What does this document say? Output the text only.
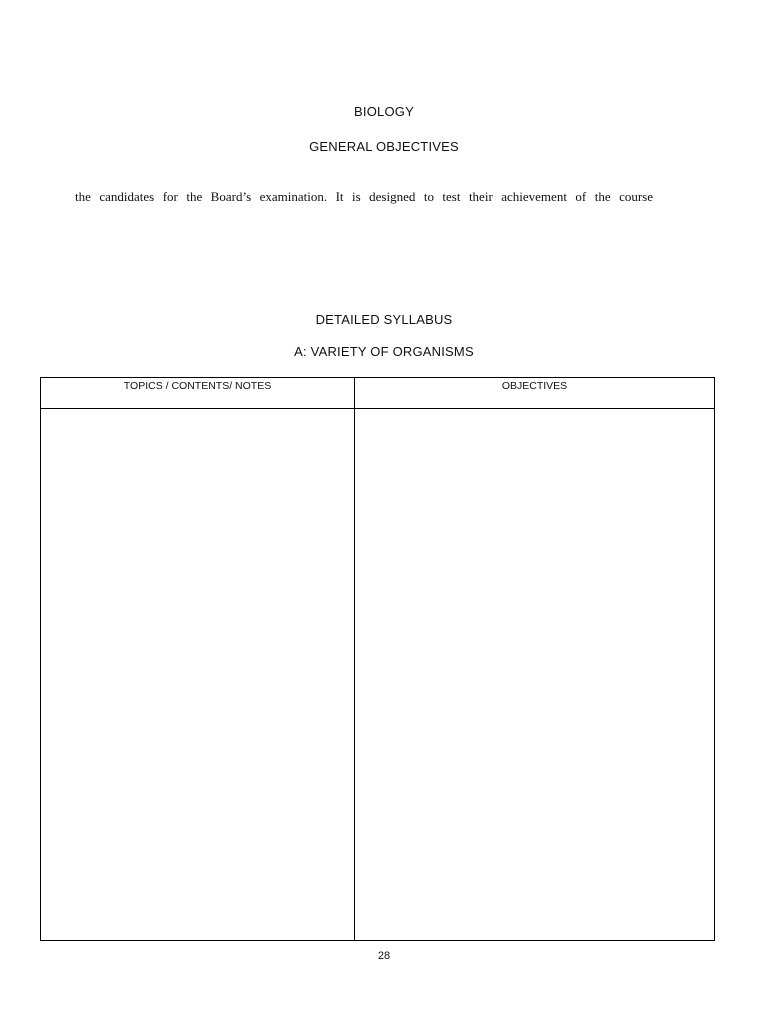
BIOLOGY
GENERAL OBJECTIVES
the candidates for the Board’s examination. It is designed to test their achievement of the course
DETAILED SYLLABUS
A: VARIETY OF ORGANISMS
TOPICS / CONTENTS/ NOTES	OBJECTIVES
28
